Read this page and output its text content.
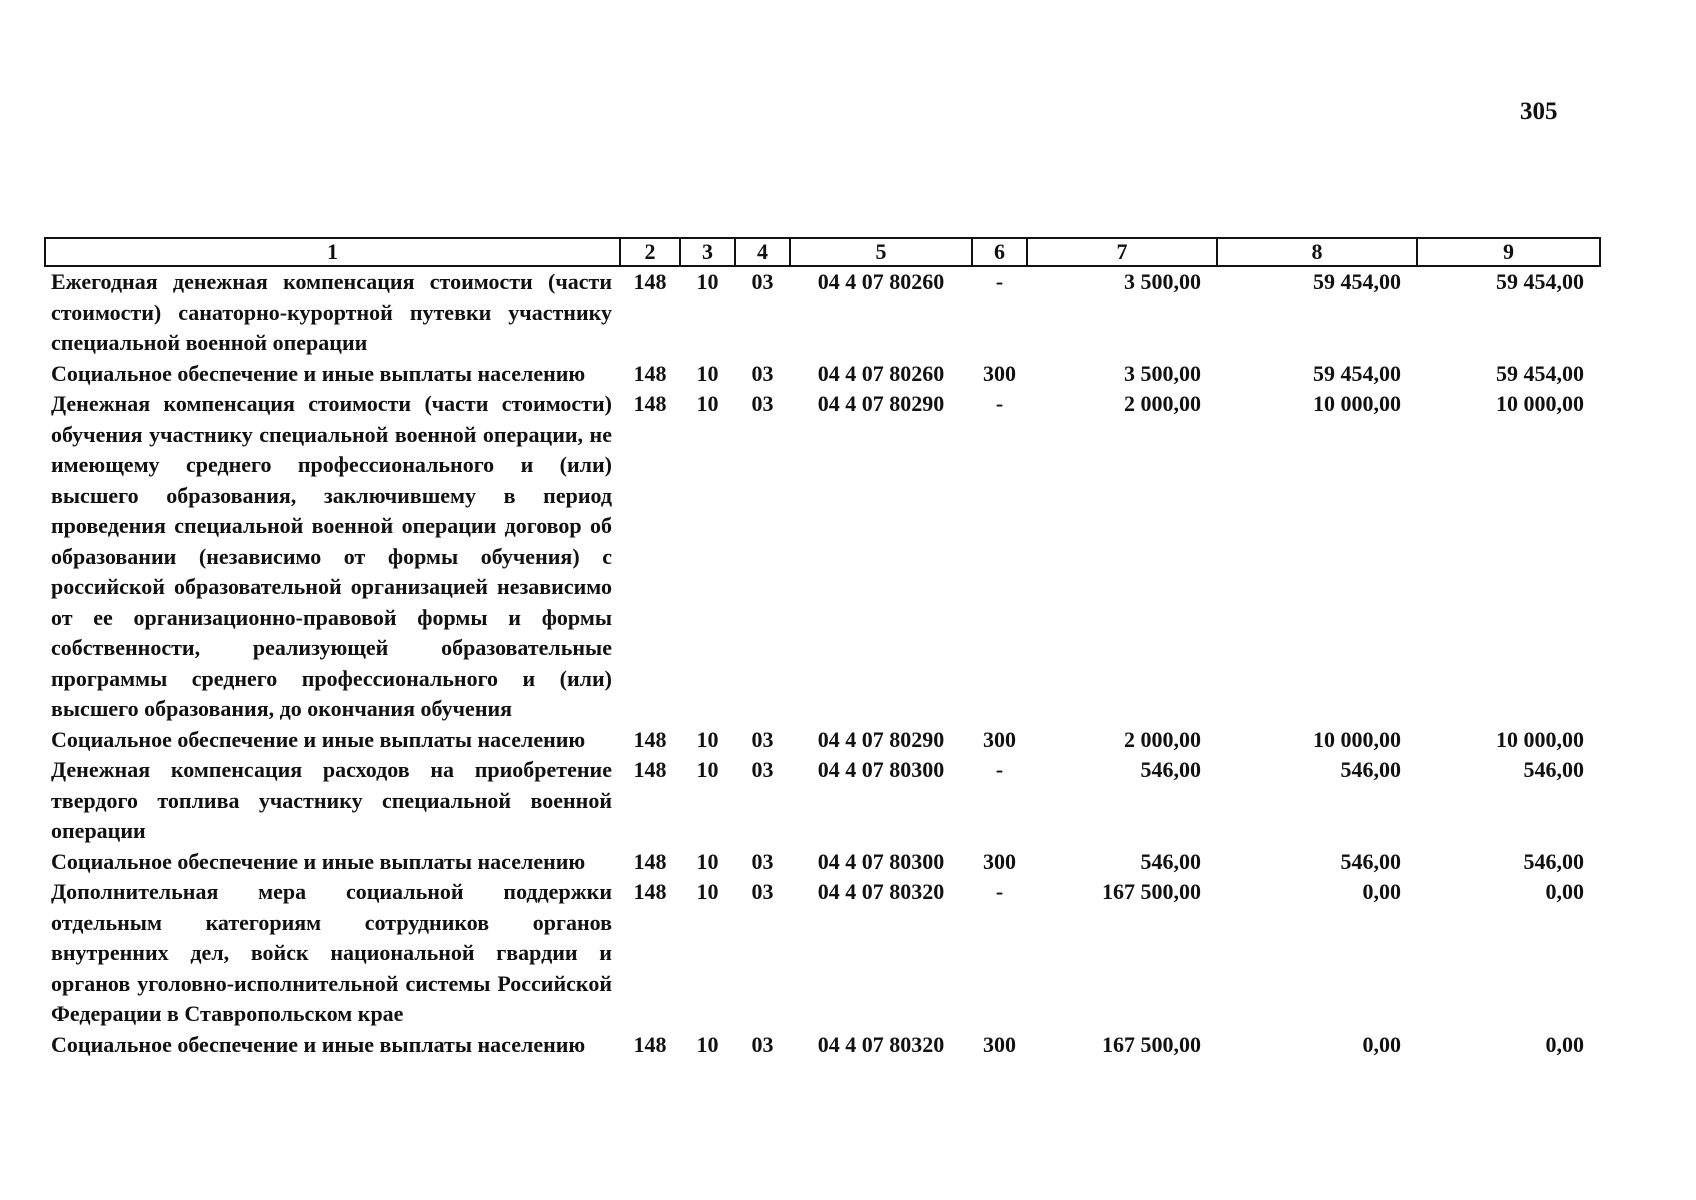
305
1	2	3	4	5	6	7	8	9
Ежегодная денежная компенсация стоимости (части стоимости) санаторно-курортной путевки участнику специальной военной операции	148	10	03	04 4 07 80260	-	3 500,00	59 454,00	59 454,00
Социальное обеспечение и иные выплаты населению	148	10	03	04 4 07 80260	300	3 500,00	59 454,00	59 454,00
Денежная компенсация стоимости (части стоимости) обучения участнику специальной военной операции, не имеющему среднего профессионального и (или) высшего образования, заключившему в период проведения специальной военной операции договор об образовании (независимо от формы обучения) с российской образовательной организацией независимо от ее организационно-правовой формы и формы собственности, реализующей образовательные программы среднего профессионального и (или) высшего образования, до окончания обучения	148	10	03	04 4 07 80290	-	2 000,00	10 000,00	10 000,00
Социальное обеспечение и иные выплаты населению	148	10	03	04 4 07 80290	300	2 000,00	10 000,00	10 000,00
Денежная компенсация расходов на приобретение твердого топлива участнику специальной военной операции	148	10	03	04 4 07 80300	-	546,00	546,00	546,00
Социальное обеспечение и иные выплаты населению	148	10	03	04 4 07 80300	300	546,00	546,00	546,00
Дополнительная мера социальной поддержки отдельным категориям сотрудников органов внутренних дел, войск национальной гвардии и органов уголовно-исполнительной системы Российской Федерации в Ставропольском крае	148	10	03	04 4 07 80320	-	167 500,00	0,00	0,00
Социальное обеспечение и иные выплаты населению	148	10	03	04 4 07 80320	300	167 500,00	0,00	0,00
